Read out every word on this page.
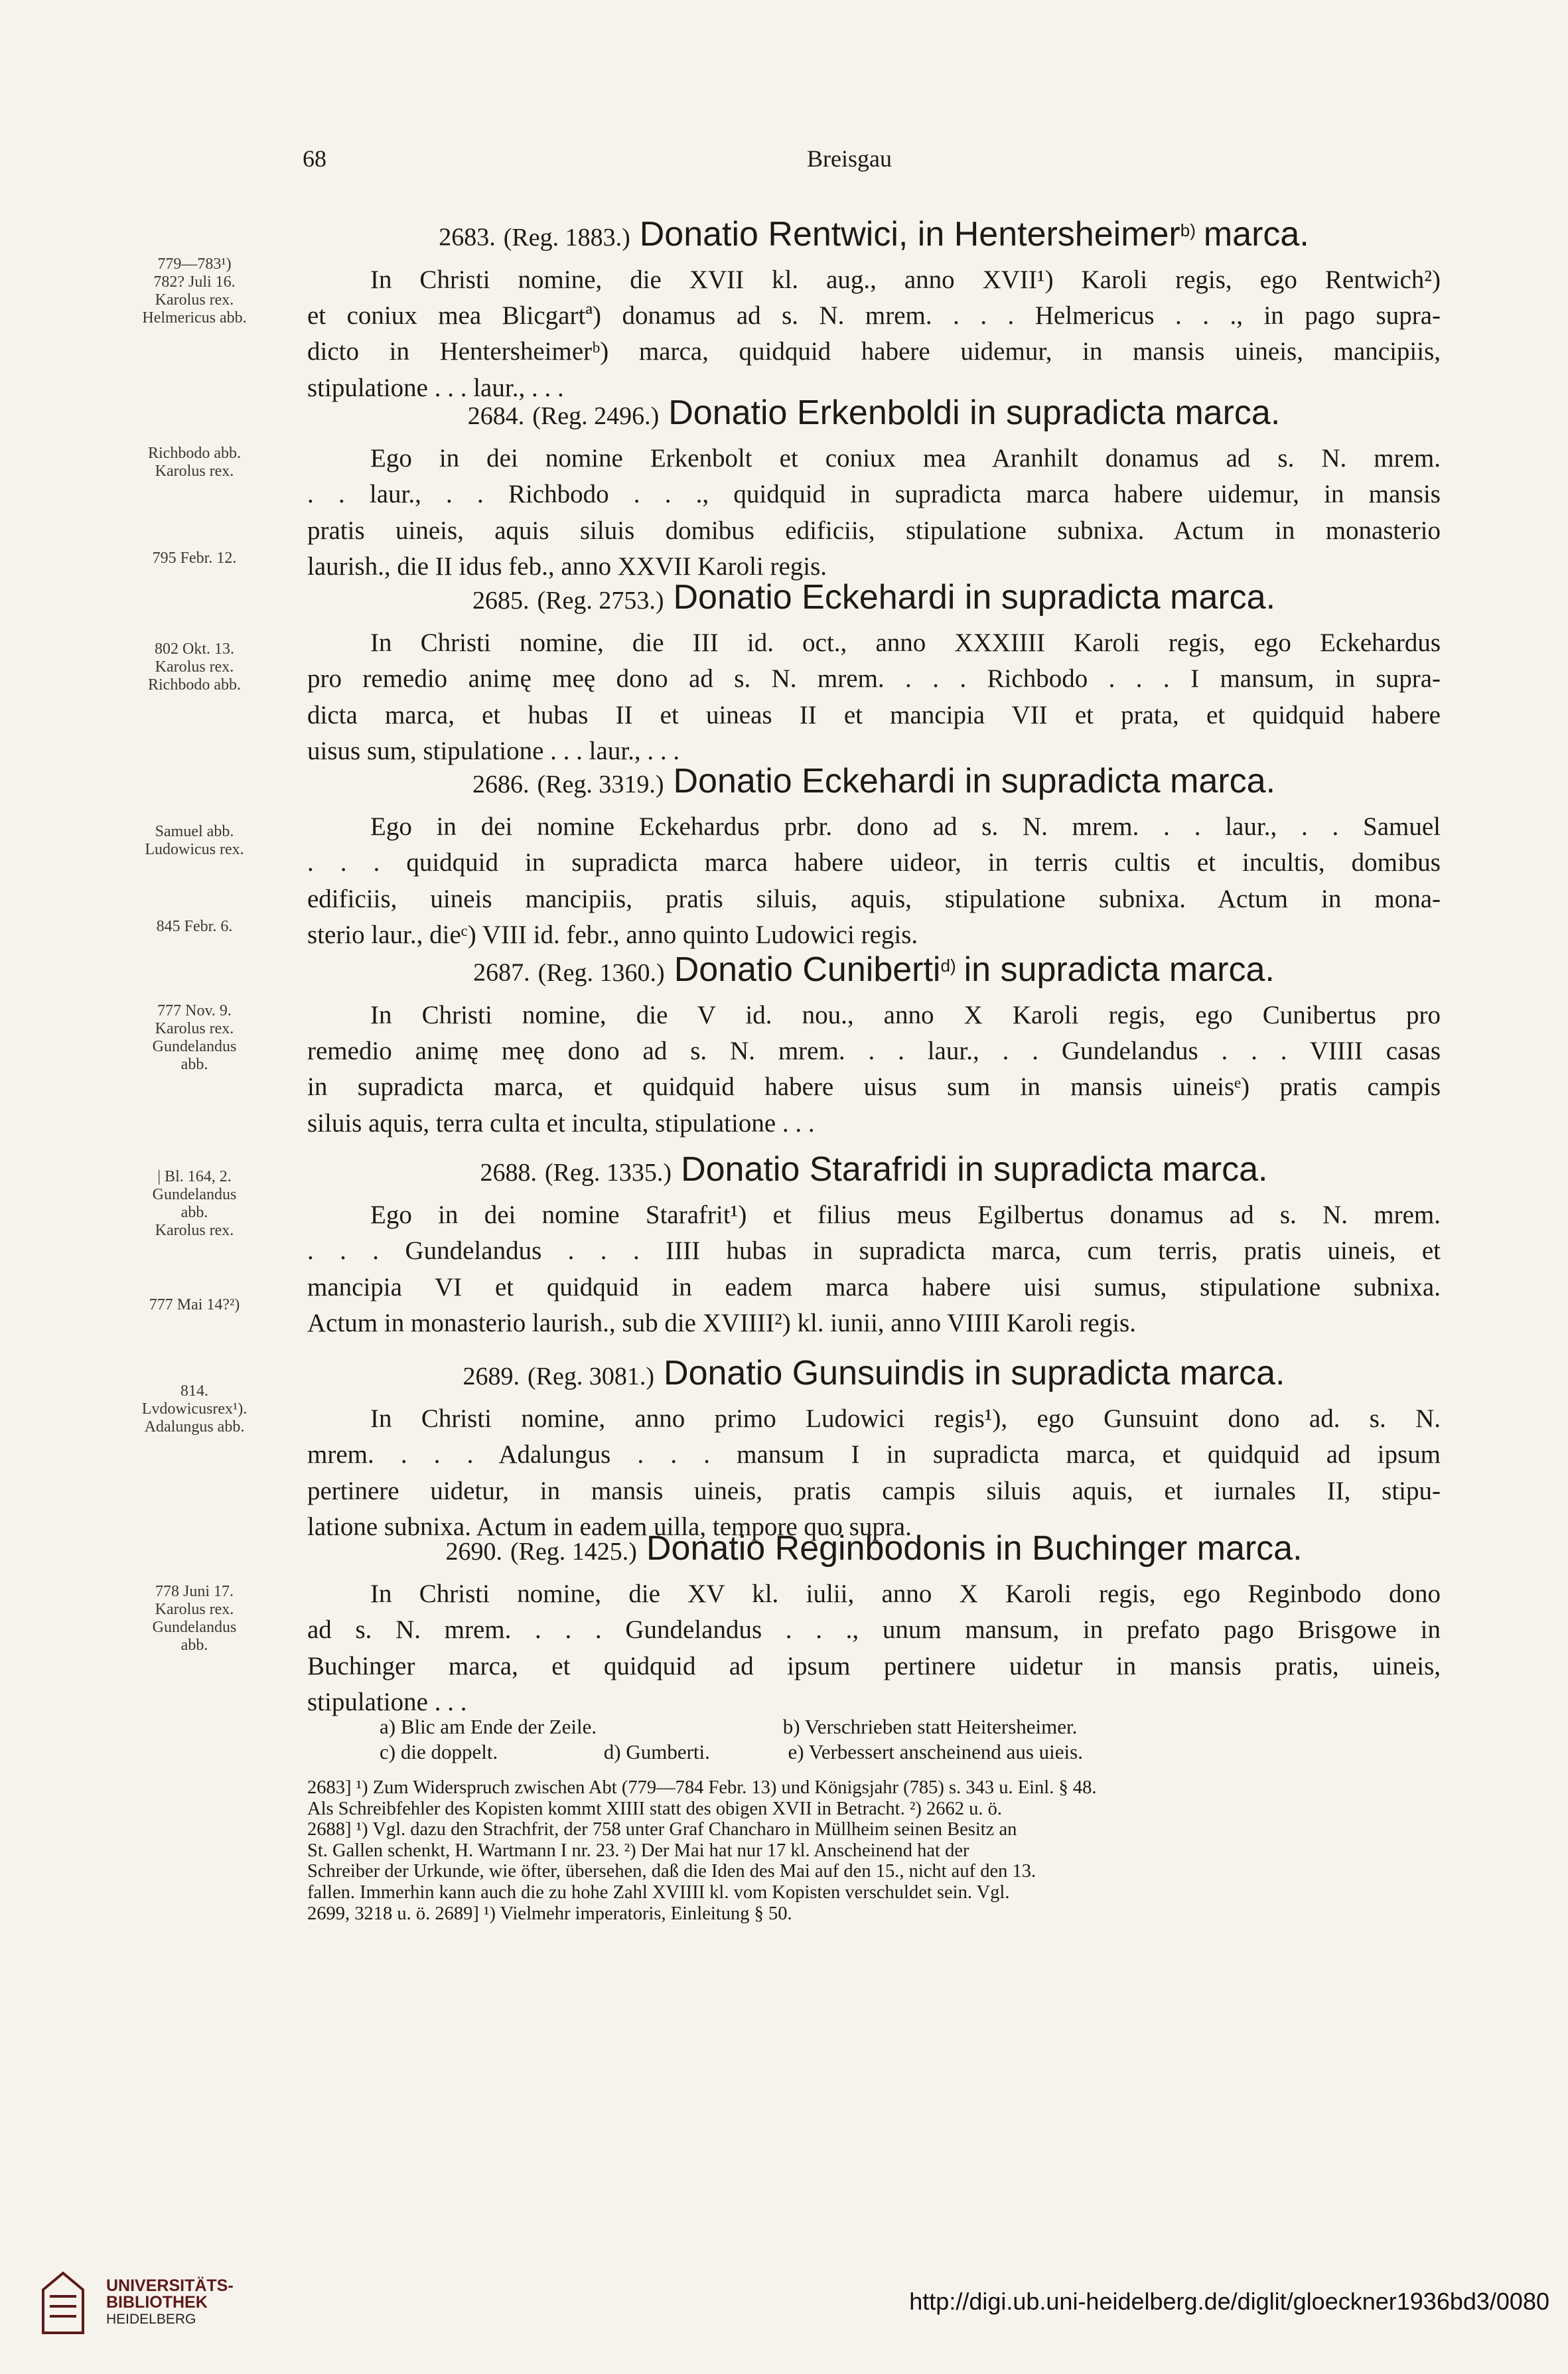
68	Breisgau
2683. (Reg. 1883.) Donatio Rentwici, in Hentersheimer$^{b)}$ marca.
In Christi nomine, die XVII kl. aug., anno XVII¹) Karoli regis, ego Rentwich²)
et coniux mea Blicgartª) donamus ad s. N. mrem. . . . Helmericus . . ., in pago supra-
dicto in Hentersheimerᵇ) marca, quidquid habere uidemur, in mansis uineis, mancipiis,
stipulatione . . . laur., . . .
2684. (Reg. 2496.) Donatio Erkenboldi in supradicta marca.
Ego in dei nomine Erkenbolt et coniux mea Aranhilt donamus ad s. N. mrem.
. . laur., . . Richbodo . . ., quidquid in supradicta marca habere uidemur, in mansis
pratis uineis, aquis siluis domibus edificiis, stipulatione subnixa. Actum in monasterio
laurish., die II idus feb., anno XXVII Karoli regis.
2685. (Reg. 2753.) Donatio Eckehardi in supradicta marca.
In Christi nomine, die III id. oct., anno XXXIIII Karoli regis, ego Eckehardus
pro remedio animę meę dono ad s. N. mrem. . . . Richbodo . . . I mansum, in supra-
dicta marca, et hubas II et uineas II et mancipia VII et prata, et quidquid habere
uisus sum, stipulatione . . . laur., . . .
2686. (Reg. 3319.) Donatio Eckehardi in supradicta marca.
Ego in dei nomine Eckehardus prbr. dono ad s. N. mrem. . . laur., . . Samuel
. . . quidquid in supradicta marca habere uideor, in terris cultis et incultis, domibus
edificiis, uineis mancipiis, pratis siluis, aquis, stipulatione subnixa. Actum in mona-
sterio laur., dieᶜ) VIII id. febr., anno quinto Ludowici regis.
2687. (Reg. 1360.) Donatio Cuniberti$^{d)}$ in supradicta marca.
In Christi nomine, die V id. nou., anno X Karoli regis, ego Cunibertus pro
remedio animę meę dono ad s. N. mrem. . . laur., . . Gundelandus . . . VIIII casas
in supradicta marca, et quidquid habere uisus sum in mansis uineisᵉ) pratis campis
siluis aquis, terra culta et inculta, stipulatione . . .
2688. (Reg. 1335.) Donatio Starafridi in supradicta marca.
Ego in dei nomine Starafrit¹) et filius meus Egilbertus donamus ad s. N. mrem.
. . . Gundelandus . . . IIII hubas in supradicta marca, cum terris, pratis uineis, et
mancipia VI et quidquid in eadem marca habere uisi sumus, stipulatione subnixa.
Actum in monasterio laurish., sub die XVIIII²) kl. iunii, anno VIIII Karoli regis.
2689. (Reg. 3081.) Donatio Gunsuindis in supradicta marca.
In Christi nomine, anno primo Ludowici regis¹), ego Gunsuint dono ad. s. N.
mrem. . . . Adalungus . . . mansum I in supradicta marca, et quidquid ad ipsum
pertinere uidetur, in mansis uineis, pratis campis siluis aquis, et iurnales II, stipu-
latione subnixa. Actum in eadem uilla, tempore quo supra.
2690. (Reg. 1425.) Donatio Reginbodonis in Buchinger marca.
In Christi nomine, die XV kl. iulii, anno X Karoli regis, ego Reginbodo dono
ad s. N. mrem. . . . Gundelandus . . ., unum mansum, in prefato pago Brisgowe in
Buchinger marca, et quidquid ad ipsum pertinere uidetur in mansis pratis, uineis,
stipulatione . . .
a) Blic am Ende der Zeile.	b) Verschrieben statt Heitersheimer.
c) die doppelt.	d) Gumberti.	e) Verbessert anscheinend aus uieis.

2683] ¹) Zum Widerspruch zwischen Abt (779—784 Febr. 13) und Königsjahr (785) s. 343 u. Einl. § 48.

Als Schreibfehler des Kopisten kommt XIIII statt des obigen XVII in Betracht. ²) 2662 u. ö.

2688] ¹) Vgl. dazu den Strachfrit, der 758 unter Graf Chancharo in Müllheim seinen Besitz an

St. Gallen schenkt, H. Wartmann I nr. 23. ²) Der Mai hat nur 17 kl. Anscheinend hat der

Schreiber der Urkunde, wie öfter, übersehen, daß die Iden des Mai auf den 15., nicht auf den 13.

fallen. Immerhin kann auch die zu hohe Zahl XVIIII kl. vom Kopisten verschuldet sein. Vgl.

2699, 3218 u. ö. 2689] ¹) Vielmehr imperatoris, Einleitung § 50.

UNIVERSITÄTS-
BIBLIOTHEK
HEIDELBERG
http://digi.ub.uni-heidelberg.de/diglit/gloeckner1936bd3/0080
779—783¹)
782? Juli 16.
Karolus rex.
Helmericus abb.
Richbodo abb.
Karolus rex.
795 Febr. 12.
802 Okt. 13.
Karolus rex.
Richbodo abb.
Samuel abb.
Ludowicus rex.
845 Febr. 6.
777 Nov. 9.
Karolus rex.
Gundelandus
abb.
| Bl. 164, 2.
Gundelandus
abb.
Karolus rex.
777 Mai 14?²)
814.
Lvdowicusrex¹).
Adalungus abb.
778 Juni 17.
Karolus rex.
Gundelandus
abb.
